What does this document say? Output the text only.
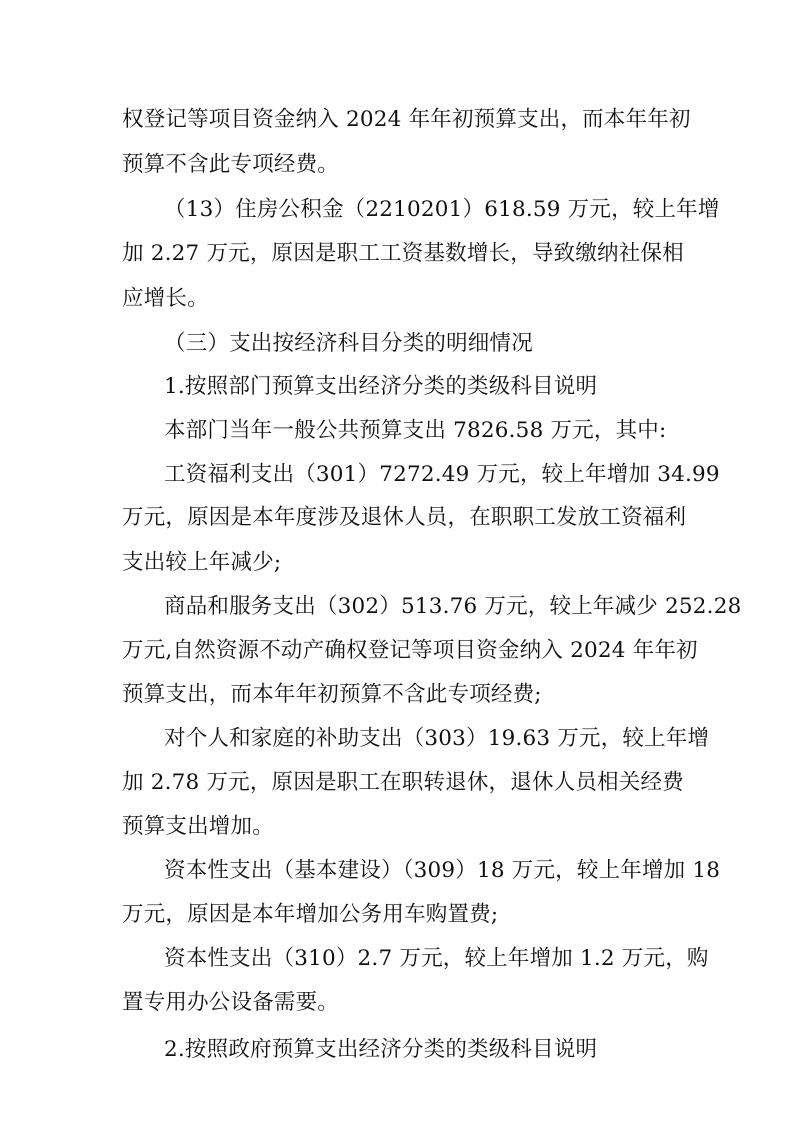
权登记等项目资金纳入 2024 年年初预算支出，而本年年初
预算不含此专项经费。
（13）住房公积金（2210201）618.59 万元，较上年增
加 2.27 万元，原因是职工工资基数增长，导致缴纳社保相
应增长。
（三）支出按经济科目分类的明细情况
1.按照部门预算支出经济分类的类级科目说明
本部门当年一般公共预算支出 7826.58 万元，其中:
工资福利支出（301）7272.49 万元，较上年增加 34.99
万元，原因是本年度涉及退休人员，在职职工发放工资福利
支出较上年减少;
商品和服务支出（302）513.76 万元，较上年减少 252.28
万元,自然资源不动产确权登记等项目资金纳入 2024 年年初
预算支出，而本年年初预算不含此专项经费;
对个人和家庭的补助支出（303）19.63 万元，较上年增
加 2.78 万元，原因是职工在职转退休，退休人员相关经费
预算支出增加。
资本性支出（基本建设）（309）18 万元，较上年增加 18
万元，原因是本年增加公务用车购置费;
资本性支出（310）2.7 万元，较上年增加 1.2 万元，购
置专用办公设备需要。
2.按照政府预算支出经济分类的类级科目说明
